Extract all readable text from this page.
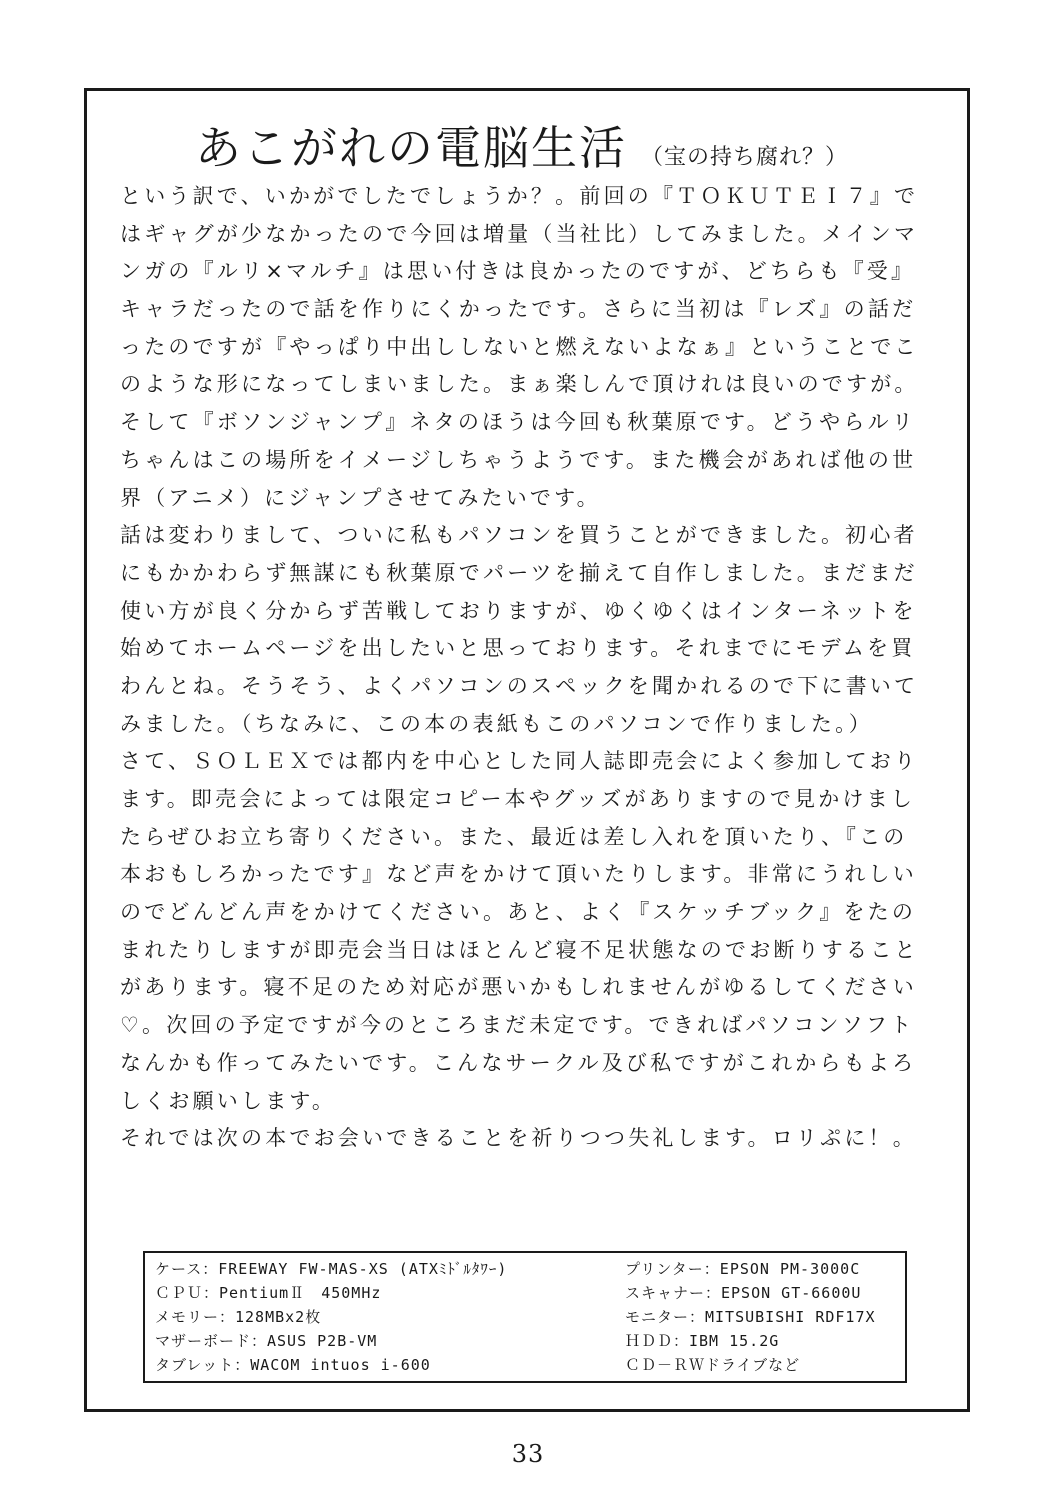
あこがれの電脳生活 （宝の持ち腐れ？）
という訳で、いかがでしたでしょうか？。前回の『ＴＯＫＵＴＥＩ７』で
はギャグが少なかったので今回は増量（当社比）してみました。メインマ
ンガの『ルリ×マルチ』は思い付きは良かったのですが、どちらも『受』
キャラだったので話を作りにくかったです。さらに当初は『レズ』の話だ
ったのですが『やっぱり中出ししないと燃えないよなぁ』ということでこ
のような形になってしまいました。まぁ楽しんで頂けれは良いのですが。
そして『ボソンジャンプ』ネタのほうは今回も秋葉原です。どうやらルリ
ちゃんはこの場所をイメージしちゃうようです。また機会があれば他の世
界（アニメ）にジャンプさせてみたいです。
話は変わりまして、ついに私もパソコンを買うことができました。初心者
にもかかわらず無謀にも秋葉原でパーツを揃えて自作しました。まだまだ
使い方が良く分からず苦戦しておりますが、ゆくゆくはインターネットを
始めてホームページを出したいと思っております。それまでにモデムを買
わんとね。そうそう、よくパソコンのスペックを聞かれるので下に書いて
みました。（ちなみに、この本の表紙もこのパソコンで作りました。）
さて、ＳＯＬＥＸでは都内を中心とした同人誌即売会によく参加しており
ます。即売会によっては限定コピー本やグッズがありますので見かけまし
たらぜひお立ち寄りください。また、最近は差し入れを頂いたり、『この
本おもしろかったです』など声をかけて頂いたりします。非常にうれしい
のでどんどん声をかけてください。あと、よく『スケッチブック』をたの
まれたりしますが即売会当日はほとんど寝不足状態なのでお断りすること
があります。寝不足のため対応が悪いかもしれませんがゆるしてください
♡。次回の予定ですが今のところまだ未定です。できればパソコンソフト
なんかも作ってみたいです。こんなサークル及び私ですがこれからもよろ
しくお願いします。
それでは次の本でお会いできることを祈りつつ失礼します。ロリぷに！。
ケース：FREEWAY FW-MAS-XS (ATXﾐﾄﾞﾙﾀﾜｰ)
ＣＰＵ：PentiumⅡ　450MHz
メモリー：128MBx2枚
マザーボード：ASUS P2B-VM
タブレット：WACOM intuos i-600
プリンター：EPSON PM-3000C
スキャナー：EPSON GT-6600U
モニター：MITSUBISHI RDF17X
ＨＤＤ：IBM 15.2G
ＣＤ－ＲＷドライブなど
33
